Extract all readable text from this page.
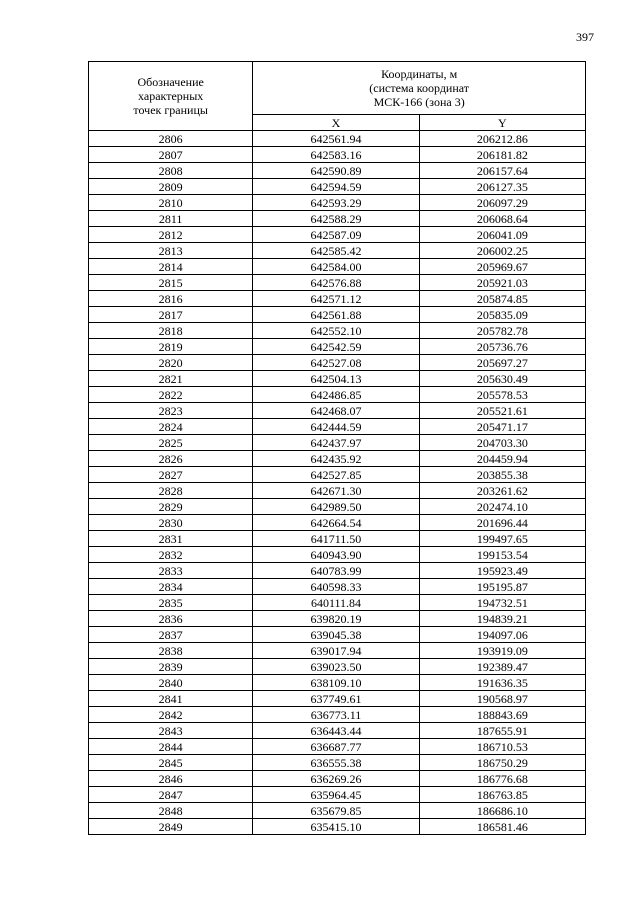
397
Обозначение
характерных
точек границы	Координаты, м
(система координат
МСК-166 (зона 3)	
	X	Y
2806	642561.94	206212.86
2807	642583.16	206181.82
2808	642590.89	206157.64
2809	642594.59	206127.35
2810	642593.29	206097.29
2811	642588.29	206068.64
2812	642587.09	206041.09
2813	642585.42	206002.25
2814	642584.00	205969.67
2815	642576.88	205921.03
2816	642571.12	205874.85
2817	642561.88	205835.09
2818	642552.10	205782.78
2819	642542.59	205736.76
2820	642527.08	205697.27
2821	642504.13	205630.49
2822	642486.85	205578.53
2823	642468.07	205521.61
2824	642444.59	205471.17
2825	642437.97	204703.30
2826	642435.92	204459.94
2827	642527.85	203855.38
2828	642671.30	203261.62
2829	642989.50	202474.10
2830	642664.54	201696.44
2831	641711.50	199497.65
2832	640943.90	199153.54
2833	640783.99	195923.49
2834	640598.33	195195.87
2835	640111.84	194732.51
2836	639820.19	194839.21
2837	639045.38	194097.06
2838	639017.94	193919.09
2839	639023.50	192389.47
2840	638109.10	191636.35
2841	637749.61	190568.97
2842	636773.11	188843.69
2843	636443.44	187655.91
2844	636687.77	186710.53
2845	636555.38	186750.29
2846	636269.26	186776.68
2847	635964.45	186763.85
2848	635679.85	186686.10
2849	635415.10	186581.46
